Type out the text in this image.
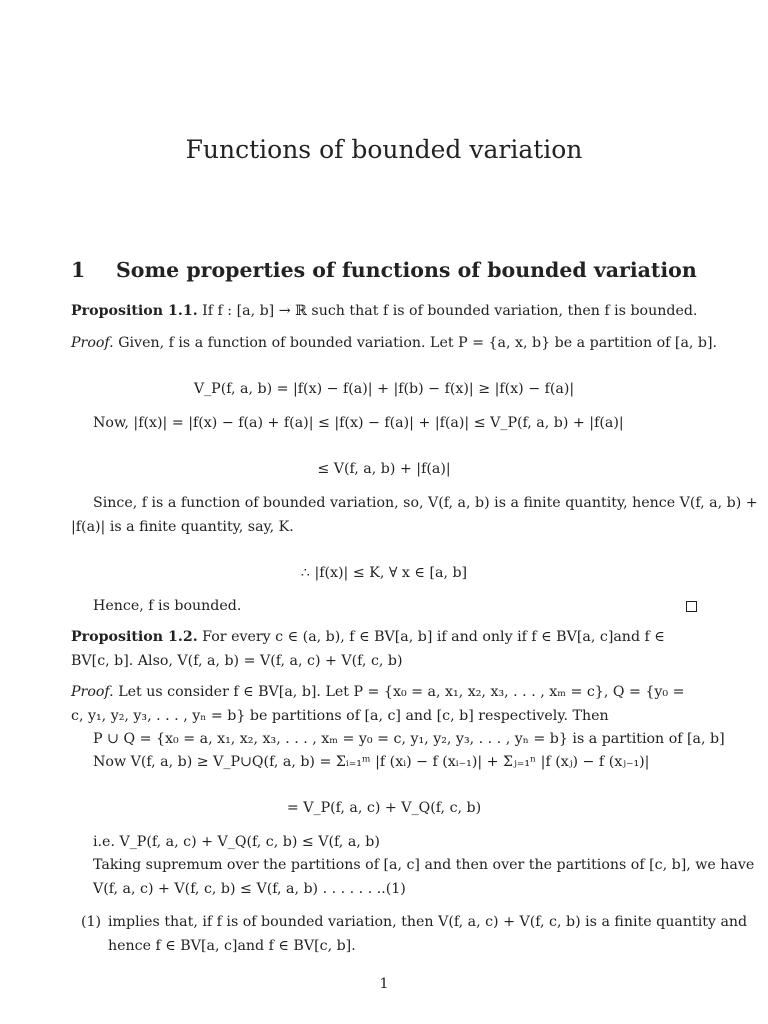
Functions of bounded variation
1 Some properties of functions of bounded variation
Proposition 1.1. If f : [a, b] → ℝ such that f is of bounded variation, then f is bounded.
Proof. Given, f is a function of bounded variation. Let P = {a, x, b} be a partition of [a, b].
V_P(f, a, b) = |f(x) − f(a)| + |f(b) − f(x)| ≥ |f(x) − f(a)|
Now, |f(x)| = |f(x) − f(a) + f(a)| ≤ |f(x) − f(a)| + |f(a)| ≤ V_P(f, a, b) + |f(a)|
≤ V(f, a, b) + |f(a)|
Since, f is a function of bounded variation, so, V(f, a, b) is a finite quantity, hence V(f, a, b) +
|f(a)| is a finite quantity, say, K.
∴ |f(x)| ≤ K, ∀ x ∈ [a, b]
Hence, f is bounded.
Proposition 1.2. For every c ∈ (a, b), f ∈ BV[a, b] if and only if f ∈ BV[a, c]and f ∈
BV[c, b]. Also, V(f, a, b) = V(f, a, c) + V(f, c, b)
Proof. Let us consider f ∈ BV[a, b]. Let P = {x₀ = a, x₁, x₂, x₃, . . . , xₘ = c}, Q = {y₀ =
c, y₁, y₂, y₃, . . . , yₙ = b} be partitions of [a, c] and [c, b] respectively. Then
P ∪ Q = {x₀ = a, x₁, x₂, x₃, . . . , xₘ = y₀ = c, y₁, y₂, y₃, . . . , yₙ = b} is a partition of [a, b]
Now V(f, a, b) ≥ V_P∪Q(f, a, b) = Σᵢ₌₁ᵐ |f (xᵢ) − f (xᵢ₋₁)| + Σⱼ₌₁ⁿ |f (xⱼ) − f (xⱼ₋₁)|
= V_P(f, a, c) + V_Q(f, c, b)
i.e. V_P(f, a, c) + V_Q(f, c, b) ≤ V(f, a, b)
Taking supremum over the partitions of [a, c] and then over the partitions of [c, b], we have
V(f, a, c) + V(f, c, b) ≤ V(f, a, b) . . . . . . ..(1)
(1) implies that, if f is of bounded variation, then V(f, a, c) + V(f, c, b) is a finite quantity and
hence f ∈ BV[a, c]and f ∈ BV[c, b].
1
